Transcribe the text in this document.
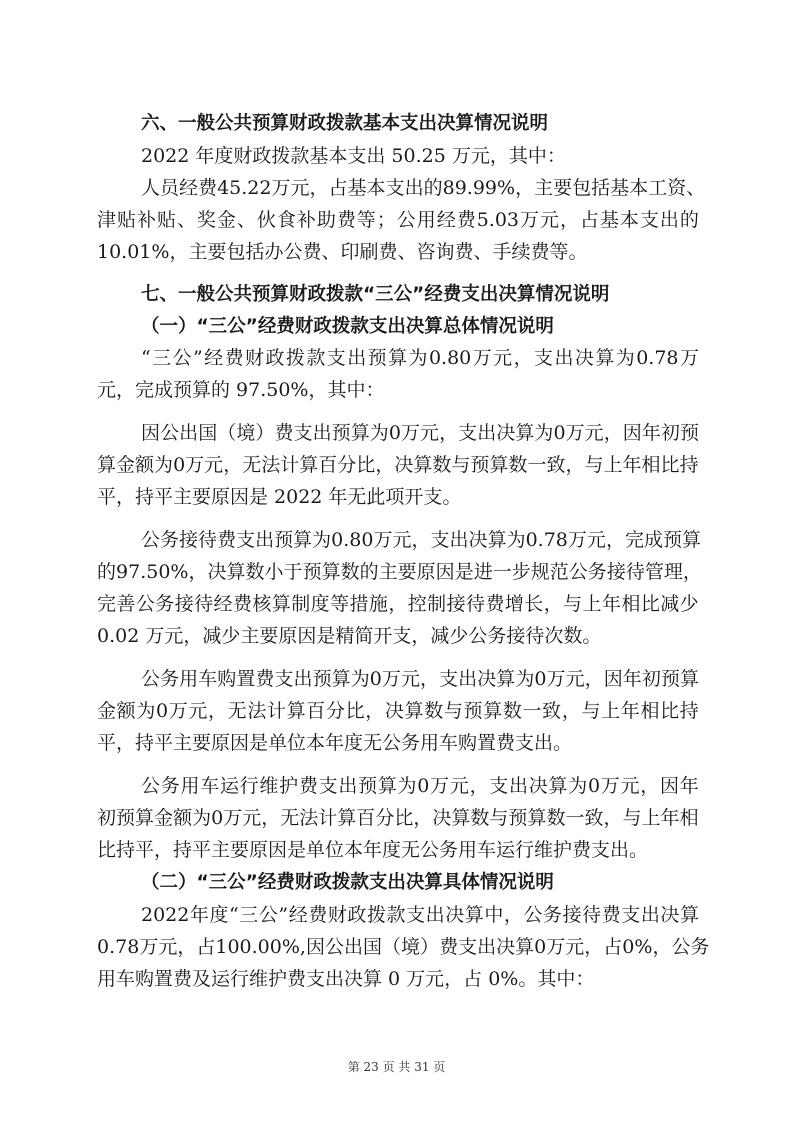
六、一般公共预算财政拨款基本支出决算情况说明
2022 年度财政拨款基本支出 50.25 万元，其中：
人 员 经 费 45.22 万 元 ， 占 基 本 支 出 的 89.99% ， 主 要 包 括 基 本 工 资 、
津 贴 补 贴 、 奖 金 、 伙 食 补 助 费 等 ； 公 用 经 费 5.03 万 元 ， 占 基 本 支 出 的
10.01%，主要包括办公费、印刷费、咨询费、手续费等。
七、一般公共预算财政拨款“三公”经费支出决算情况说明
（一）“三公”经费财政拨款支出决算总体情况说明
“ 三 公 ” 经 费 财 政 拨 款 支 出 预 算 为 0.80 万 元 ， 支 出 决 算 为 0.78 万
元，完成预算的 97.50%，其中：
因 公 出 国 （ 境 ） 费 支 出 预 算 为 0 万 元 ， 支 出 决 算 为 0 万 元 ， 因 年 初 预
算 金 额 为 0 万 元 ， 无 法 计 算 百 分 比 ， 决 算 数 与 预 算 数 一 致 ， 与 上 年 相 比 持
平，持平主要原因是 2022 年无此项开支。
公 务 接 待 费 支 出 预 算 为 0.80 万 元 ， 支 出 决 算 为 0.78 万 元 ， 完 成 预 算
的 97.50% ， 决 算 数 小 于 预 算 数 的 主 要 原 因 是 进 一 步 规 范 公 务 接 待 管 理 ，
完 善 公 务 接 待 经 费 核 算 制 度 等 措 施 ， 控 制 接 待 费 增 长 ， 与 上 年 相 比 减 少
0.02 万元，减少主要原因是精简开支，减少公务接待次数。
公 务 用 车 购 置 费 支 出 预 算 为 0 万 元 ， 支 出 决 算 为 0 万 元 ， 因 年 初 预 算
金 额 为 0 万 元 ， 无 法 计 算 百 分 比 ， 决 算 数 与 预 算 数 一 致 ， 与 上 年 相 比 持
平，持平主要原因是单位本年度无公务用车购置费支出。
公 务 用 车 运 行 维 护 费 支 出 预 算 为 0 万 元 ， 支 出 决 算 为 0 万 元 ， 因 年
初 预 算 金 额 为 0 万 元 ， 无 法 计 算 百 分 比 ， 决 算 数 与 预 算 数 一 致 ， 与 上 年 相
比持平，持平主要原因是单位本年度无公务用车运行维护费支出。
（二）“三公”经费财政拨款支出决算具体情况说明
2022 年 度 “ 三 公 ” 经 费 财 政 拨 款 支 出 决 算 中 ， 公 务 接 待 费 支 出 决 算
0.78 万 元 ， 占 100.00%, 因 公 出 国 （ 境 ） 费 支 出 决 算 0 万 元 ， 占 0% ， 公 务
用车购置费及运行维护费支出决算 0 万元，占 0%。其中：
第 23 页 共 31 页
